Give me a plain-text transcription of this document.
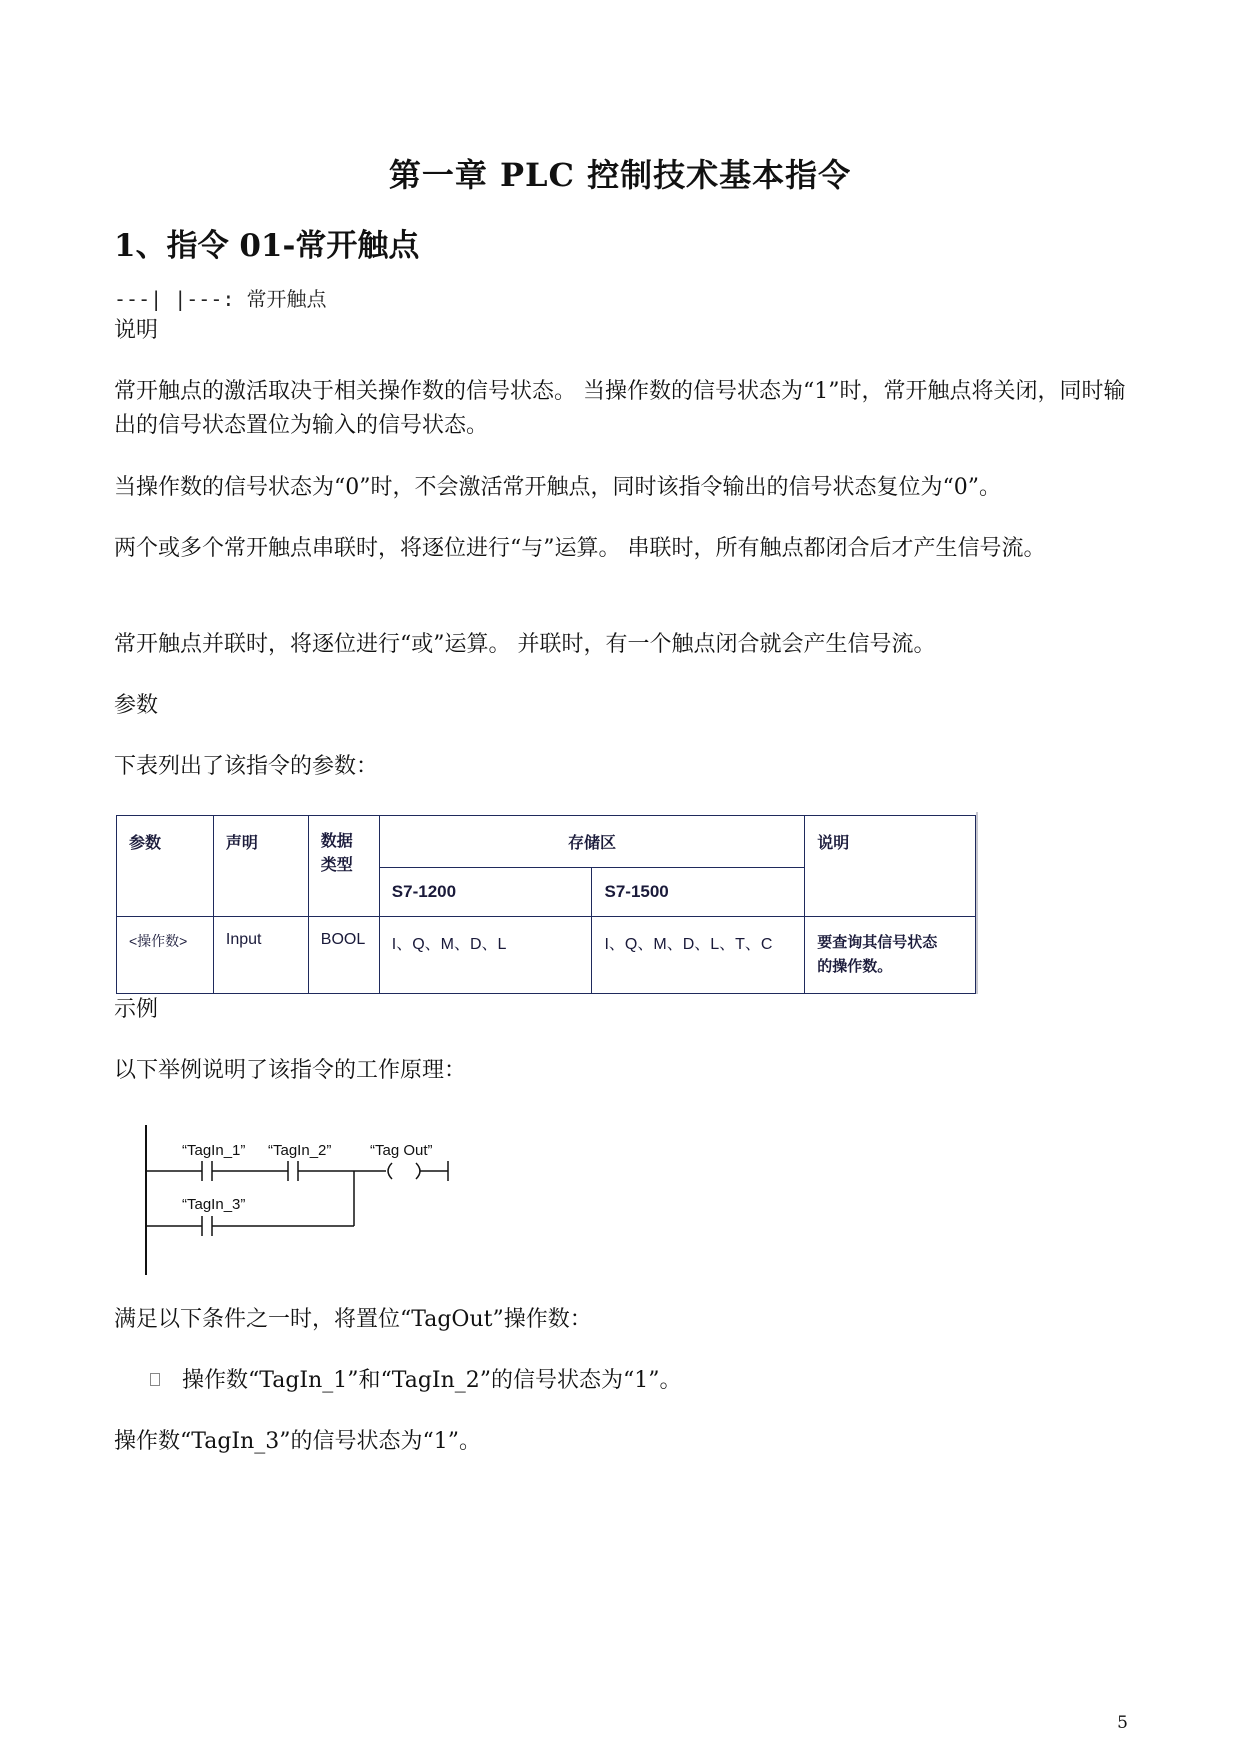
第一章 PLC 控制技术基本指令
1、指令 01-常开触点
---| |---: 常开触点
说明
常开触点的激活取决于相关操作数的信号状态。 当操作数的信号状态为“1”时，常开触点将关闭，同时输出的信号状态置位为输入的信号状态。
当操作数的信号状态为“0”时，不会激活常开触点，同时该指令输出的信号状态复位为“0”。
两个或多个常开触点串联时，将逐位进行“与”运算。 串联时，所有触点都闭合后才产生信号流。
常开触点并联时，将逐位进行“或”运算。 并联时，有一个触点闭合就会产生信号流。
参数
下表列出了该指令的参数：
参数	声明	数据
类型	存储区		说明
			S7-1200	S7-1500	
<操作数>	Input	BOOL	I、Q、M、D、L	I、Q、M、D、L、T、C	要查询其信号状态
的操作数。
示例
以下举例说明了该指令的工作原理：
“TagIn_1” “TagIn_2”	“Tag Out”
“TagIn_3”
满足以下条件之一时，将置位“TagOut”操作数：
操作数“TagIn_1”和“TagIn_2”的信号状态为“1”。
操作数“TagIn_3”的信号状态为“1”。
5
